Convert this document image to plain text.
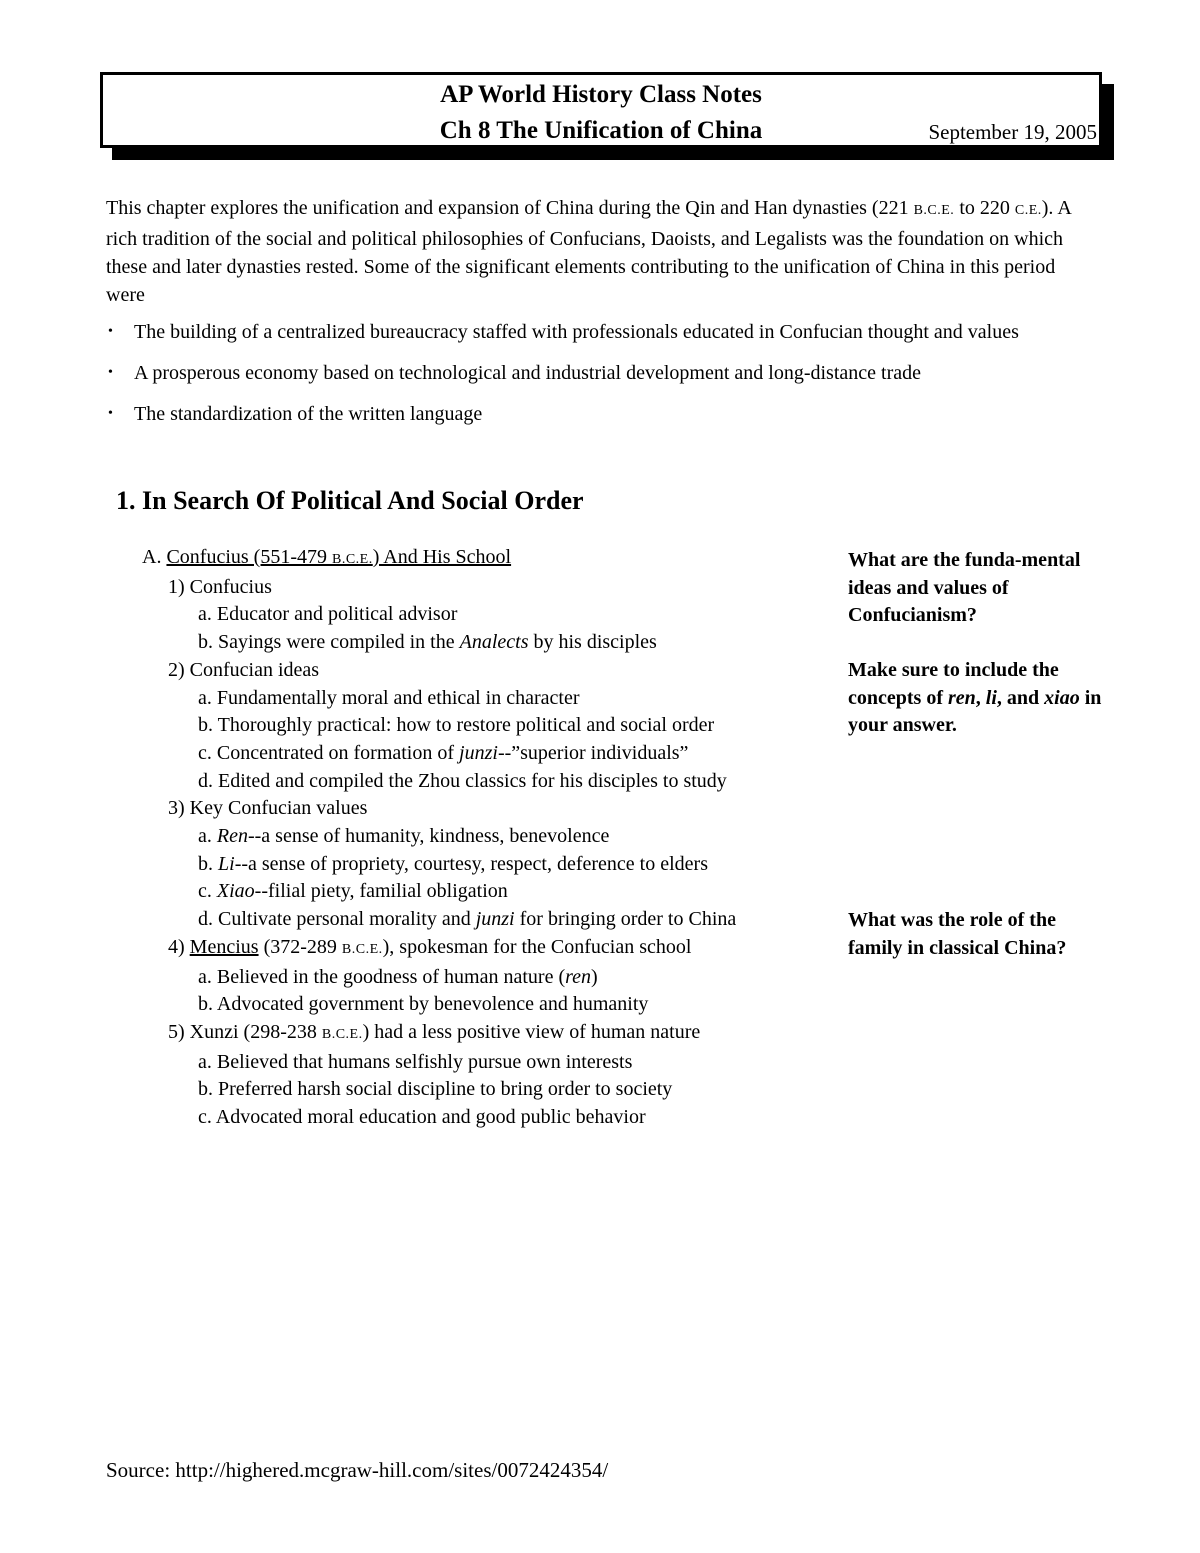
AP World History Class Notes
Ch 8 The Unification of China	September 19, 2005

This chapter explores the unification and expansion of China during the Qin and Han dynasties (221 B.C.E. to 220 C.E.). A rich tradition of the social and political philosophies of Confucians, Daoists, and Legalists was the foundation on which these and later dynasties rested. Some of the significant elements contributing to the unification of China in this period were

• The building of a centralized bureaucracy staffed with professionals educated in Confucian thought and values
• A prosperous economy based on technological and industrial development and long-distance trade
• The standardization of the written language
1. In Search Of Political And Social Order
A. Confucius (551-479 B.C.E.) And His School
1) Confucius
a. Educator and political advisor
b. Sayings were compiled in the Analects by his disciples
2) Confucian ideas
a. Fundamentally moral and ethical in character
b. Thoroughly practical: how to restore political and social order
c. Concentrated on formation of junzi--”superior individuals”
d. Edited and compiled the Zhou classics for his disciples to study
3) Key Confucian values
a. Ren--a sense of humanity, kindness, benevolence
b. Li--a sense of propriety, courtesy, respect, deference to elders
c. Xiao--filial piety, familial obligation
d. Cultivate personal morality and junzi for bringing order to China
4) Mencius (372-289 B.C.E.), spokesman for the Confucian school
a. Believed in the goodness of human nature (ren)
b. Advocated government by benevolence and humanity
5) Xunzi (298-238 B.C.E.) had a less positive view of human nature
a. Believed that humans selfishly pursue own interests
b. Preferred harsh social discipline to bring order to society
c. Advocated moral education and good public behavior
What are the funda-mental ideas and values of Confucianism?
Make sure to include the concepts of ren, li, and xiao in your answer.
What was the role of the family in classical China?
Source: http://highered.mcgraw-hill.com/sites/0072424354/
